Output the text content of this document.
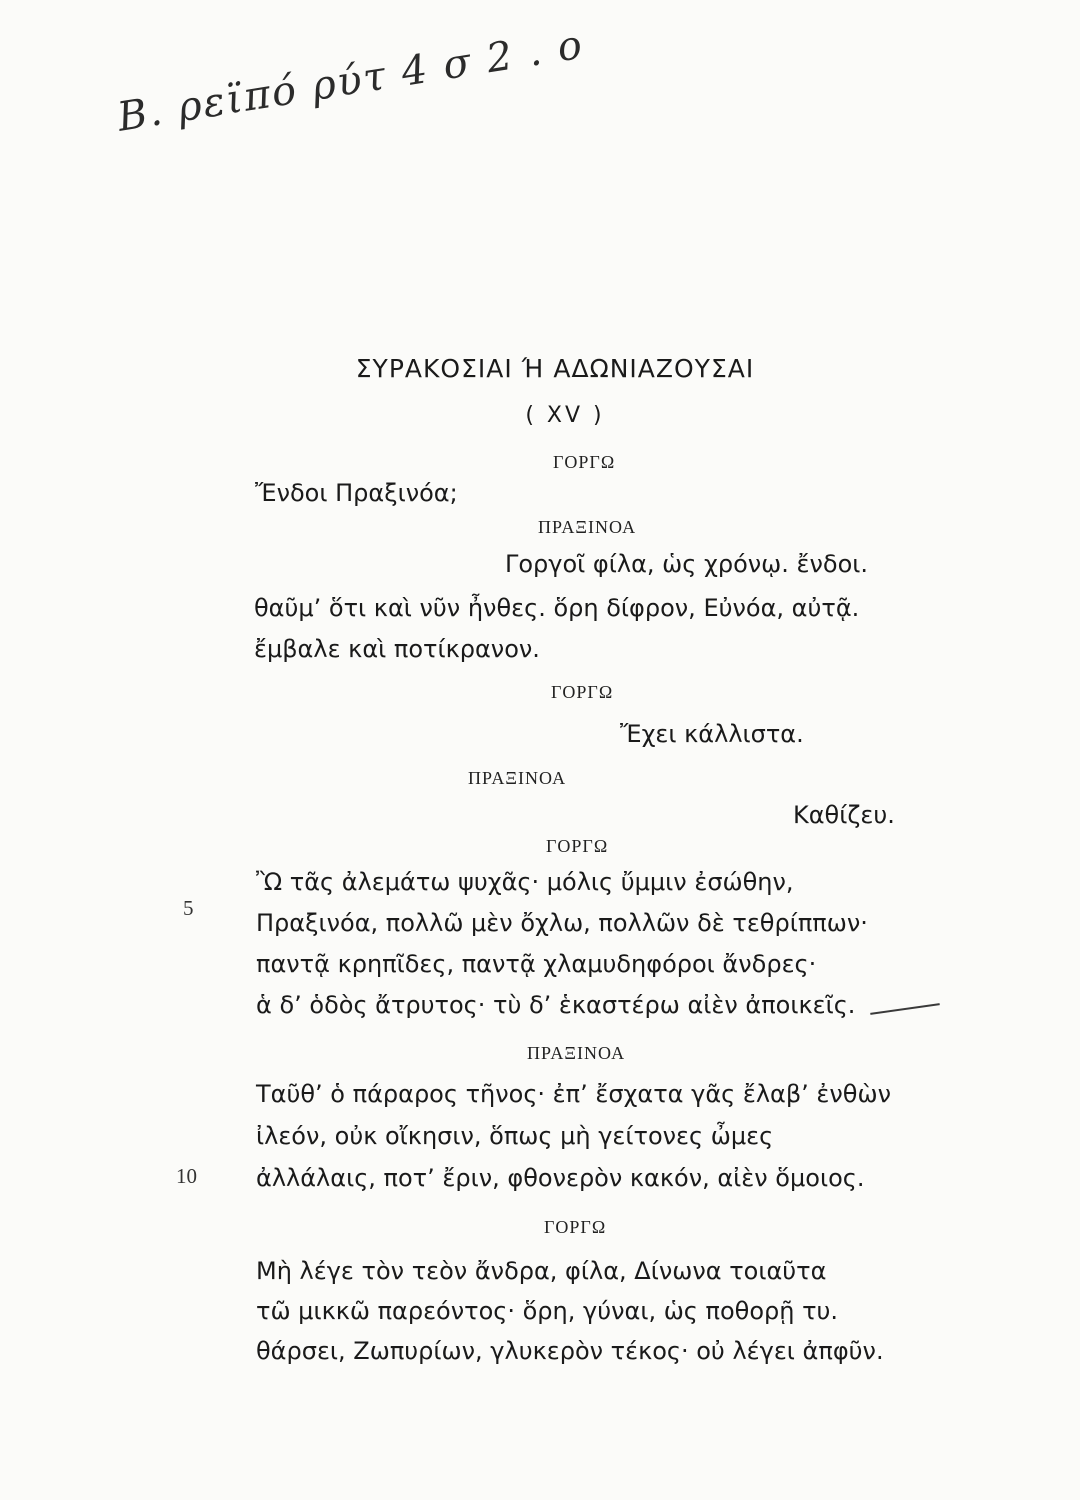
Β. ρεϊπό ρύτ 4 σ 2 . ο
ΣΥΡΑΚΟΣΙΑΙ Ή ΑΔΩΝΙΑΖΟΥΣΑΙ
( XV )
ΓΟΡΓΩ
Ἔνδοι Πραξινόα;
ΠΡΑΞΙΝΟΑ
Γοργοῖ φίλα, ὡς χρόνῳ. ἔνδοι.
θαῦμ’ ὅτι καὶ νῦν ἦνθες. ὅρη δίφρον, Εὐνόα, αὐτᾷ.
ἔμβαλε καὶ ποτίκρανον.
ΓΟΡΓΩ
Ἔχει κάλλιστα.
ΠΡΑΞΙΝΟΑ
Καθίζευ.
ΓΟΡΓΩ
Ὢ τᾶς ἀλεμάτω ψυχᾶς· μόλις ὔμμιν ἐσώθην,
5
Πραξινόα, πολλῶ μὲν ὄχλω, πολλῶν δὲ τεθρίππων·
παντᾷ κρηπῖδες, παντᾷ χλαμυδηφόροι ἄνδρες·
ἁ δ’ ὁδὸς ἄτρυτος· τὺ δ’ ἑκαστέρω αἰὲν ἀποικεῖς.
ΠΡΑΞΙΝΟΑ
Ταῦθ’ ὁ πάραρος τῆνος· ἐπ’ ἔσχατα γᾶς ἔλαβ’ ἐνθὼν
ἰλεόν, οὐκ οἴκησιν, ὅπως μὴ γείτονες ὦμες
10 ἀλλάλαις, ποτ’ ἔριν, φθονερὸν κακόν, αἰὲν ὅμοιος.
ΓΟΡΓΩ
Μὴ λέγε τὸν τεὸν ἄνδρα, φίλα, Δίνωνα τοιαῦτα
τῶ μικκῶ παρεόντος· ὅρη, γύναι, ὡς ποθορῇ τυ.
θάρσει, Ζωπυρίων, γλυκερὸν τέκος· οὐ λέγει ἀπφῦν.
